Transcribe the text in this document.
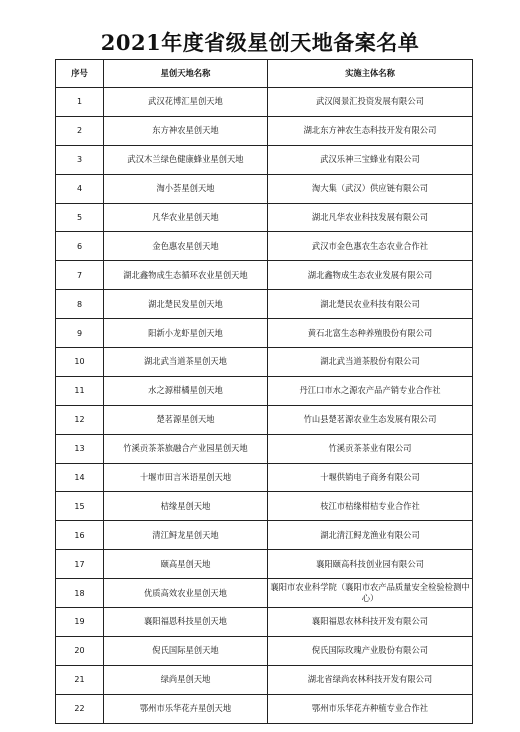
2021年度省级星创天地备案名单
序号	星创天地名称	实施主体名称
1	武汉花博汇星创天地	武汉阅景汇投资发展有限公司
2	东方神农星创天地	湖北东方神农生态科技开发有限公司
3	武汉木兰绿色健康蜂业星创天地	武汉乐神三宝蜂业有限公司
4	淘小荟星创天地	淘大集（武汉）供应链有限公司
5	凡华农业星创天地	湖北凡华农业科技发展有限公司
6	金色惠农星创天地	武汉市金色惠农生态农业合作社
7	湖北鑫物成生态循环农业星创天地	湖北鑫物成生态农业发展有限公司
8	湖北楚民发星创天地	湖北楚民农业科技有限公司
9	阳新小龙虾星创天地	黄石北富生态种养殖股份有限公司
10	湖北武当道茶星创天地	湖北武当道茶股份有限公司
11	水之源柑橘星创天地	丹江口市水之源农产品产销专业合作社
12	楚茗源星创天地	竹山县楚茗源农业生态发展有限公司
13	竹溪贡茶茶旅融合产业园星创天地	竹溪贡茶茶业有限公司
14	十堰市田言米语星创天地	十堰供销电子商务有限公司
15	桔缘星创天地	枝江市桔缘柑桔专业合作社
16	清江鲟龙星创天地	湖北清江鲟龙渔业有限公司
17	颐高星创天地	襄阳颐高科技创业园有限公司
18	优质高效农业星创天地	襄阳市农业科学院（襄阳市农产品质量安全检验检测中心）
19	襄阳福恩科技星创天地	襄阳福恩农林科技开发有限公司
20	倪氏国际星创天地	倪氏国际玫瑰产业股份有限公司
21	绿尚星创天地	湖北省绿尚农林科技开发有限公司
22	鄂州市乐华花卉星创天地	鄂州市乐华花卉种植专业合作社
